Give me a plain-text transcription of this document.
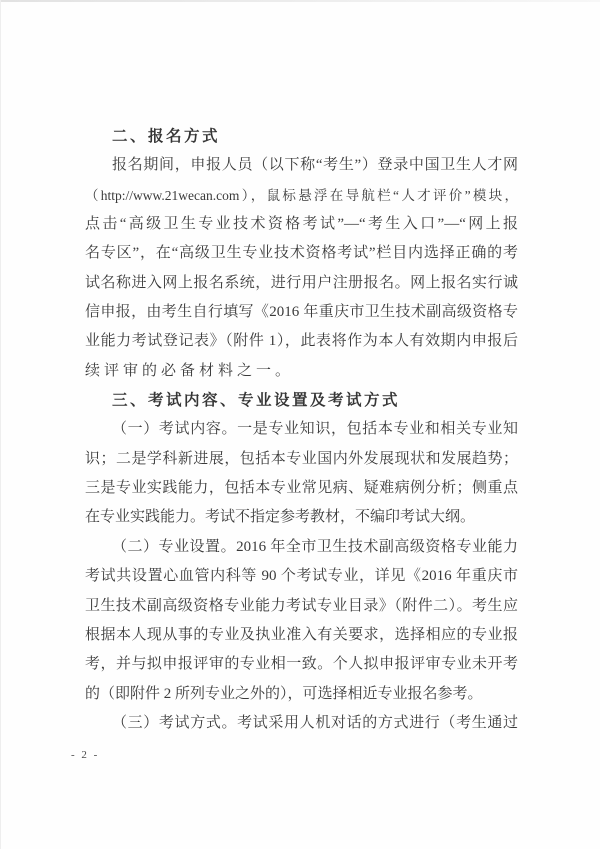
二、报名方式
报名期间，申报人员（以下称“考生”）登录中国卫生人才网
（http://www.21wecan.com），鼠标悬浮在导航栏“人才评价”模块，
点击“高级卫生专业技术资格考试”—“考生入口”—“网上报
名专区”，在“高级卫生专业技术资格考试”栏目内选择正确的考
试名称进入网上报名系统，进行用户注册报名。网上报名实行诚
信申报，由考生自行填写《2016 年重庆市卫生技术副高级资格专
业能力考试登记表》（附件 1），此表将作为本人有效期内申报后
续评审的必备材料之一。
三、考试内容、专业设置及考试方式
（一）考试内容。一是专业知识，包括本专业和相关专业知
识；二是学科新进展，包括本专业国内外发展现状和发展趋势；
三是专业实践能力，包括本专业常见病、疑难病例分析；侧重点
在专业实践能力。考试不指定参考教材，不编印考试大纲。
（二）专业设置。2016 年全市卫生技术副高级资格专业能力
考试共设置心血管内科等 90 个考试专业，详见《2016 年重庆市
卫生技术副高级资格专业能力考试专业目录》（附件二）。考生应
根据本人现从事的专业及执业准入有关要求，选择相应的专业报
考，并与拟申报评审的专业相一致。个人拟申报评审专业未开考
的（即附件 2 所列专业之外的），可选择相近专业报名参考。
（三）考试方式。考试采用人机对话的方式进行（考生通过
- 2 -
